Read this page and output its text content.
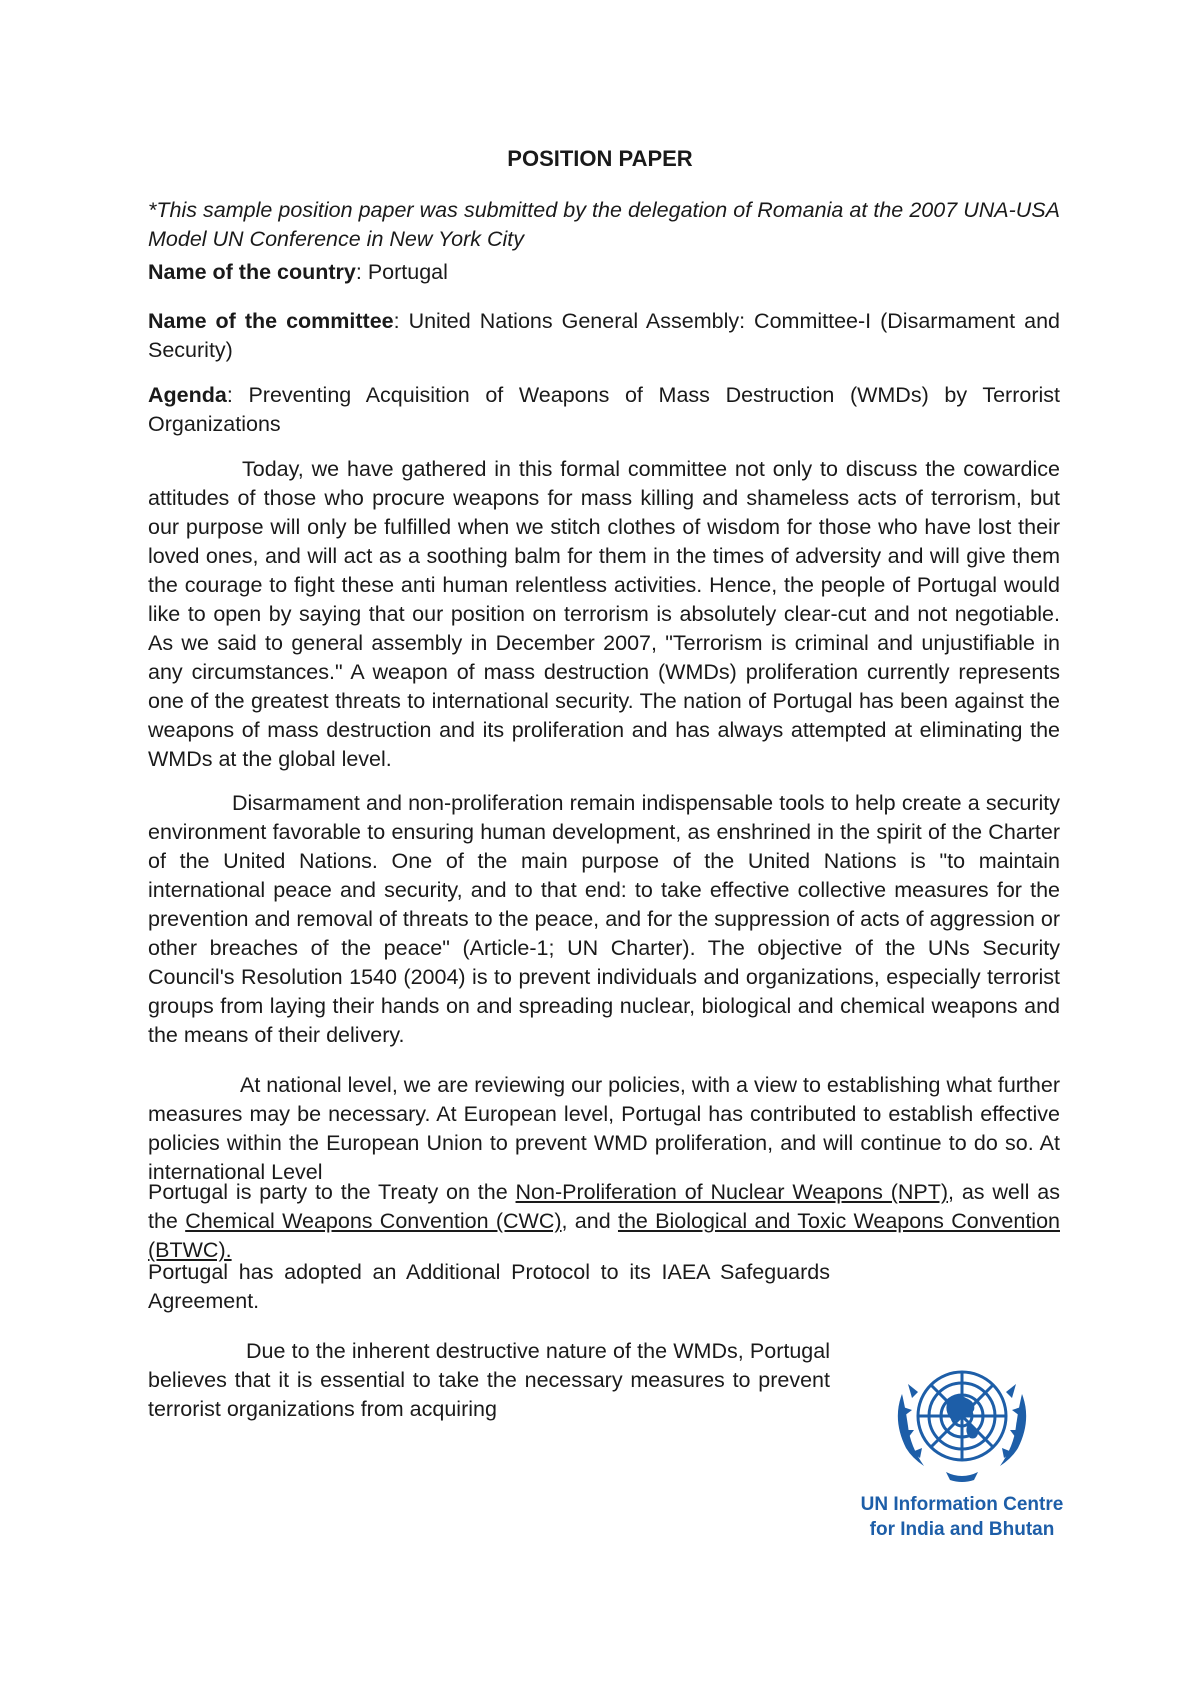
POSITION PAPER
*This sample position paper was submitted by the delegation of Romania at the 2007 UNA-USA Model UN Conference in New York City
Name of the country: Portugal
Name of the committee: United Nations General Assembly: Committee-I (Disarmament and Security)
Agenda: Preventing Acquisition of Weapons of Mass Destruction (WMDs) by Terrorist Organizations
Today, we have gathered in this formal committee not only to discuss the cowardice attitudes of those who procure weapons for mass killing and shameless acts of terrorism, but our purpose will only be fulfilled when we stitch clothes of wisdom for those who have lost their loved ones, and will act as a soothing balm for them in the times of adversity and will give them the courage to fight these anti human relentless activities. Hence, the people of Portugal would like to open by saying that our position on terrorism is absolutely clear-cut and not negotiable. As we said to general assembly in December 2007, "Terrorism is criminal and unjustifiable in any circumstances." A weapon of mass destruction (WMDs) proliferation currently represents one of the greatest threats to international security. The nation of Portugal has been against the weapons of mass destruction and its proliferation and has always attempted at eliminating the WMDs at the global level.
Disarmament and non-proliferation remain indispensable tools to help create a security environment favorable to ensuring human development, as enshrined in the spirit of the Charter of the United Nations. One of the main purpose of the United Nations is "to maintain international peace and security, and to that end: to take effective collective measures for the prevention and removal of threats to the peace, and for the suppression of acts of aggression or other breaches of the peace" (Article-1; UN Charter). The objective of the UNs Security Council's Resolution 1540 (2004) is to prevent individuals and organizations, especially terrorist groups from laying their hands on and spreading nuclear, biological and chemical weapons and the means of their delivery.
At national level, we are reviewing our policies, with a view to establishing what further measures may be necessary. At European level, Portugal has contributed to establish effective policies within the European Union to prevent WMD proliferation, and will continue to do so. At international Level
Portugal is party to the Treaty on the Non-Proliferation of Nuclear Weapons (NPT), as well as the Chemical Weapons Convention (CWC), and the Biological and Toxic Weapons Convention (BTWC).
Portugal has adopted an Additional Protocol to its IAEA Safeguards Agreement.
Due to the inherent destructive nature of the WMDs, Portugal believes that it is essential to take the necessary measures to prevent terrorist organizations from acquiring
UN Information Centre
for India and Bhutan
